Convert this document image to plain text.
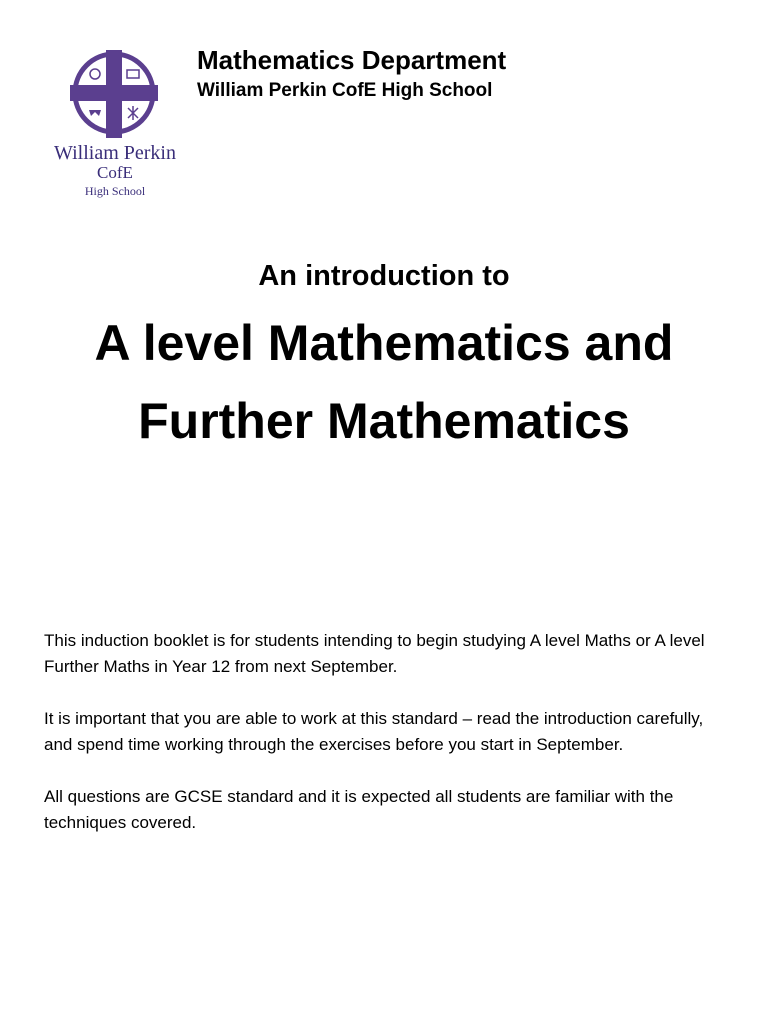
William Perkin
CofE
High School
Mathematics Department
William Perkin CofE High School
An introduction to
A level Mathematics and Further Mathematics

This induction booklet is for students intending to begin studying A level Maths or A level Further Maths in Year 12 from next September.

It is important that you are able to work at this standard – read the introduction carefully, and spend time working through the exercises before you start in September.

All questions are GCSE standard and it is expected all students are familiar with the techniques covered.
